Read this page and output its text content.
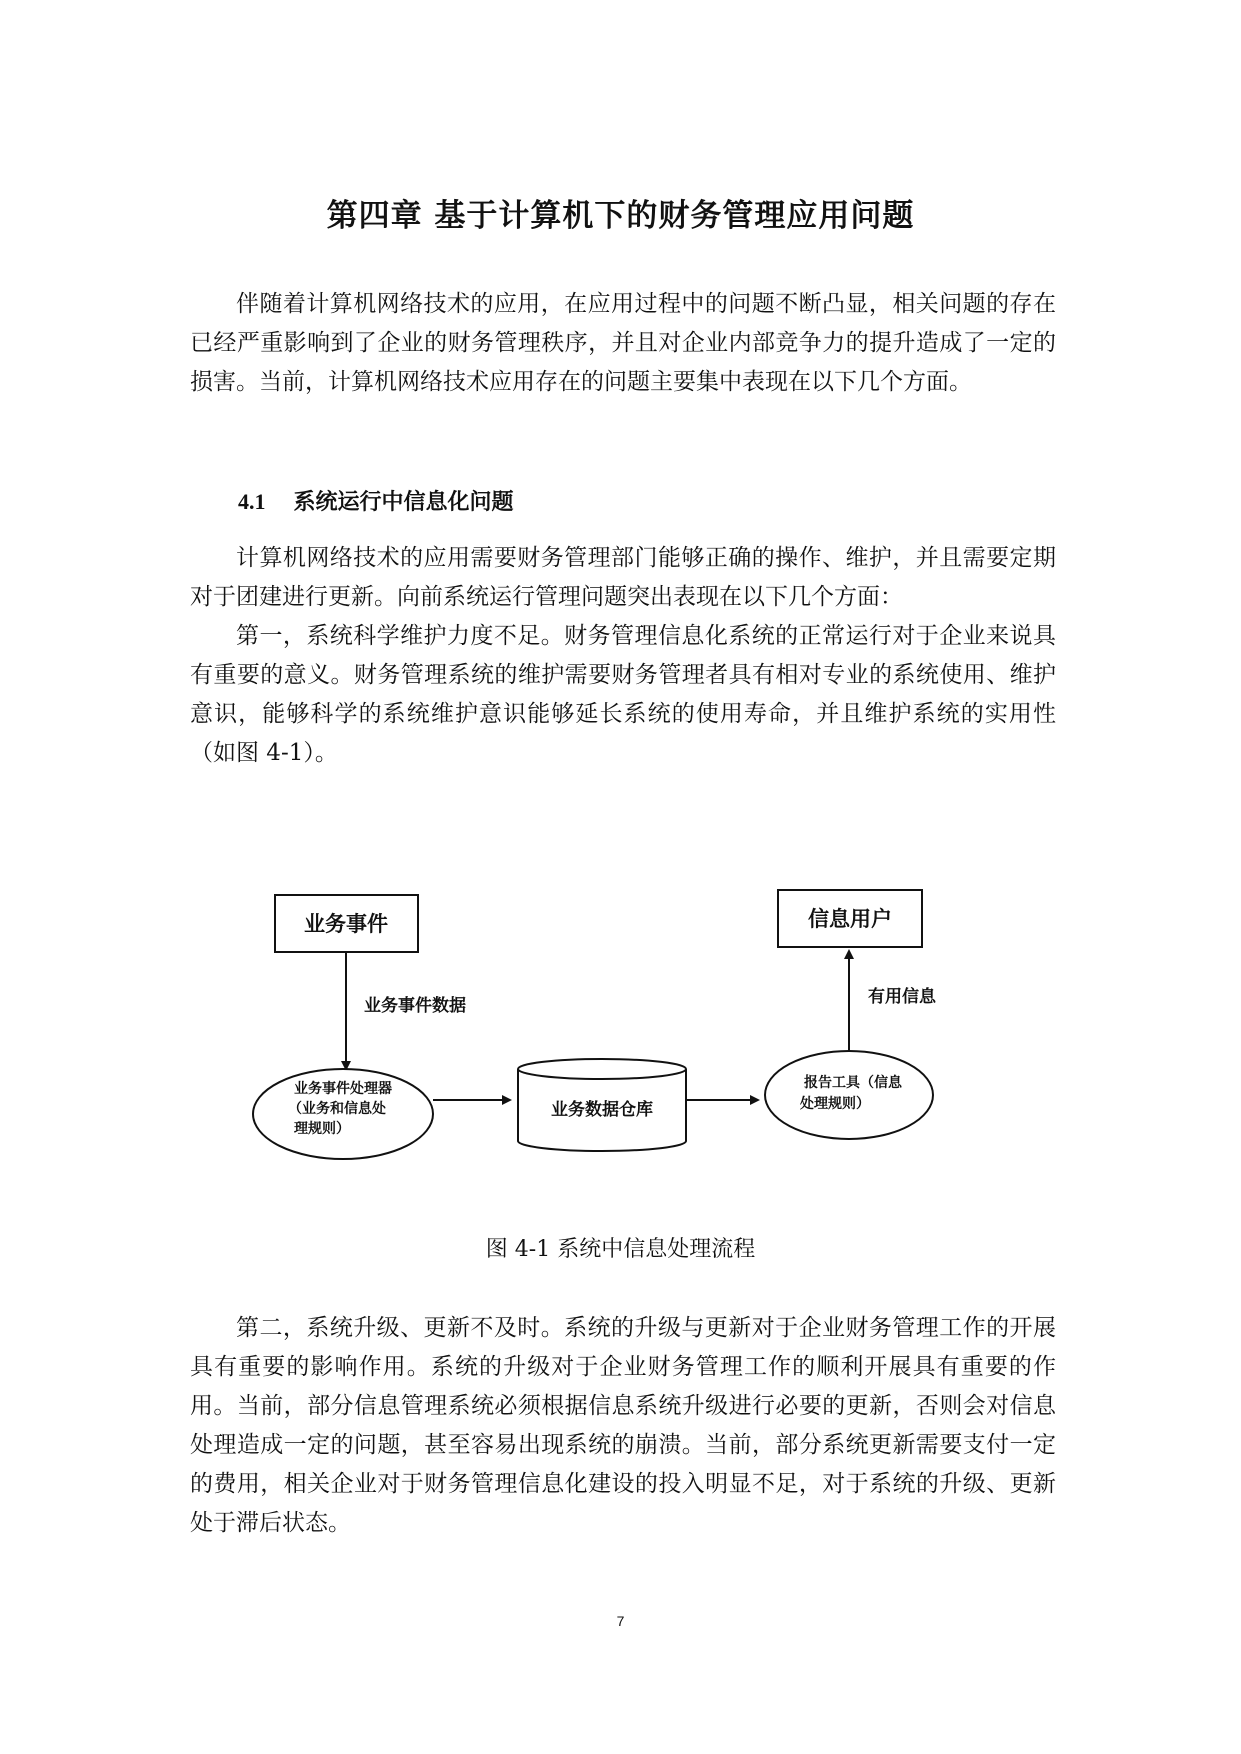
第四章 基于计算机下的财务管理应用问题

伴随着计算机网络技术的应用，在应用过程中的问题不断凸显，相关问题的存在已经严重影响到了企业的财务管理秩序，并且对企业内部竞争力的提升造成了一定的损害。当前，计算机网络技术应用存在的问题主要集中表现在以下几个方面。

4.1 系统运行中信息化问题

计算机网络技术的应用需要财务管理部门能够正确的操作、维护，并且需要定期对于团建进行更新。向前系统运行管理问题突出表现在以下几个方面：

第一，系统科学维护力度不足。财务管理信息化系统的正常运行对于企业来说具有重要的意义。财务管理系统的维护需要财务管理者具有相对专业的系统使用、维护意识，能够科学的系统维护意识能够延长系统的使用寿命，并且维护系统的实用性（如图 4-1）。

业务事件
业务事件数据
业务事件处理器
（业务和信息处
理规则）
业务数据仓库
报告工具（信息
处理规则）
有用信息
信息用户

图 4-1 系统中信息处理流程

第二，系统升级、更新不及时。系统的升级与更新对于企业财务管理工作的开展具有重要的影响作用。系统的升级对于企业财务管理工作的顺利开展具有重要的作用。当前，部分信息管理系统必须根据信息系统升级进行必要的更新，否则会对信息处理造成一定的问题，甚至容易出现系统的崩溃。当前，部分系统更新需要支付一定的费用，相关企业对于财务管理信息化建设的投入明显不足，对于系统的升级、更新处于滞后状态。

7
